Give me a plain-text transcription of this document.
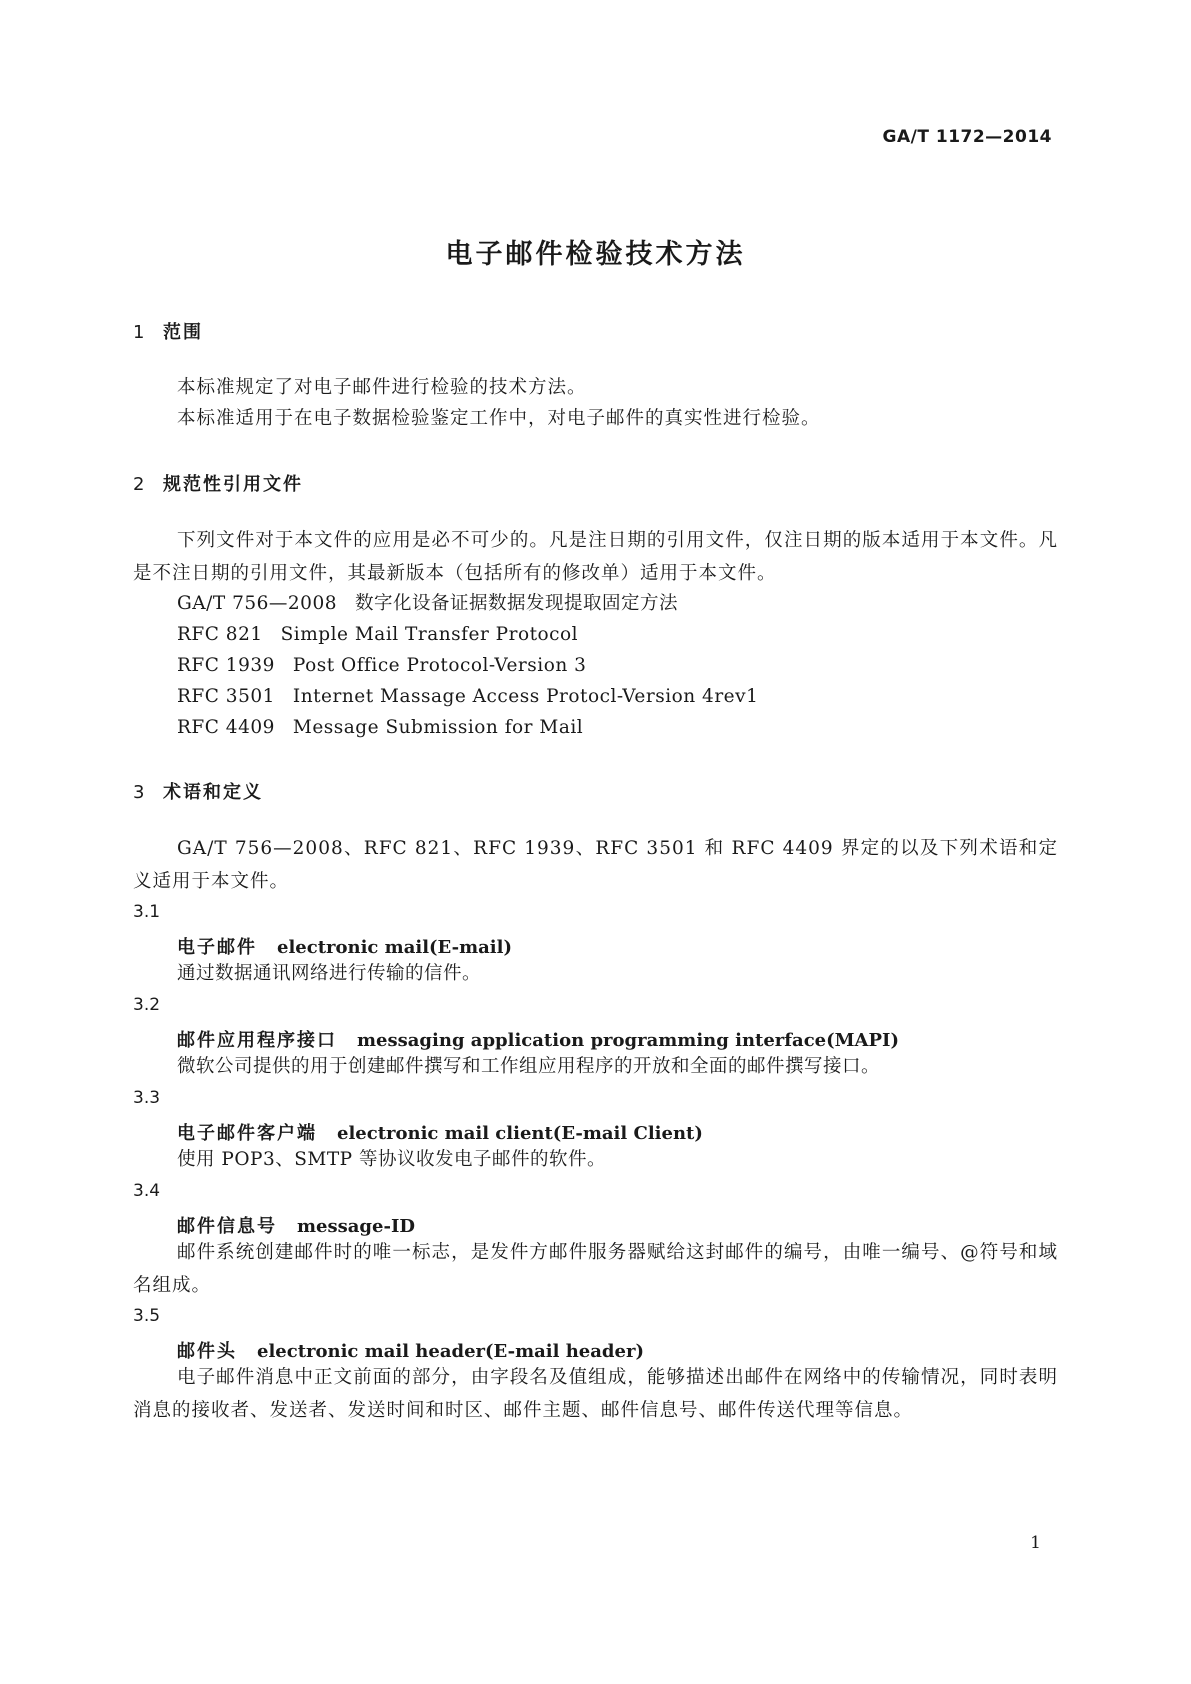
GA/T 1172—2014
电子邮件检验技术方法
1 范围
本标准规定了对电子邮件进行检验的技术方法。
本标准适用于在电子数据检验鉴定工作中，对电子邮件的真实性进行检验。
2 规范性引用文件
下列文件对于本文件的应用是必不可少的。凡是注日期的引用文件，仅注日期的版本适用于本文件。凡是不注日期的引用文件，其最新版本（包括所有的修改单）适用于本文件。
GA/T 756—2008 数字化设备证据数据发现提取固定方法
RFC 821 Simple Mail Transfer Protocol
RFC 1939 Post Office Protocol-Version 3
RFC 3501 Internet Massage Access Protocl-Version 4rev1
RFC 4409 Message Submission for Mail
3 术语和定义
GA/T 756—2008、RFC 821、RFC 1939、RFC 3501 和 RFC 4409 界定的以及下列术语和定义适用于本文件。
3.1
电子邮件 electronic mail(E-mail)
通过数据通讯网络进行传输的信件。
3.2
邮件应用程序接口 messaging application programming interface(MAPI)
微软公司提供的用于创建邮件撰写和工作组应用程序的开放和全面的邮件撰写接口。
3.3
电子邮件客户端 electronic mail client(E-mail Client)
使用 POP3、SMTP 等协议收发电子邮件的软件。
3.4
邮件信息号 message-ID
邮件系统创建邮件时的唯一标志，是发件方邮件服务器赋给这封邮件的编号，由唯一编号、@符号和域名组成。
3.5
邮件头 electronic mail header(E-mail header)
电子邮件消息中正文前面的部分，由字段名及值组成，能够描述出邮件在网络中的传输情况，同时表明消息的接收者、发送者、发送时间和时区、邮件主题、邮件信息号、邮件传送代理等信息。
1
